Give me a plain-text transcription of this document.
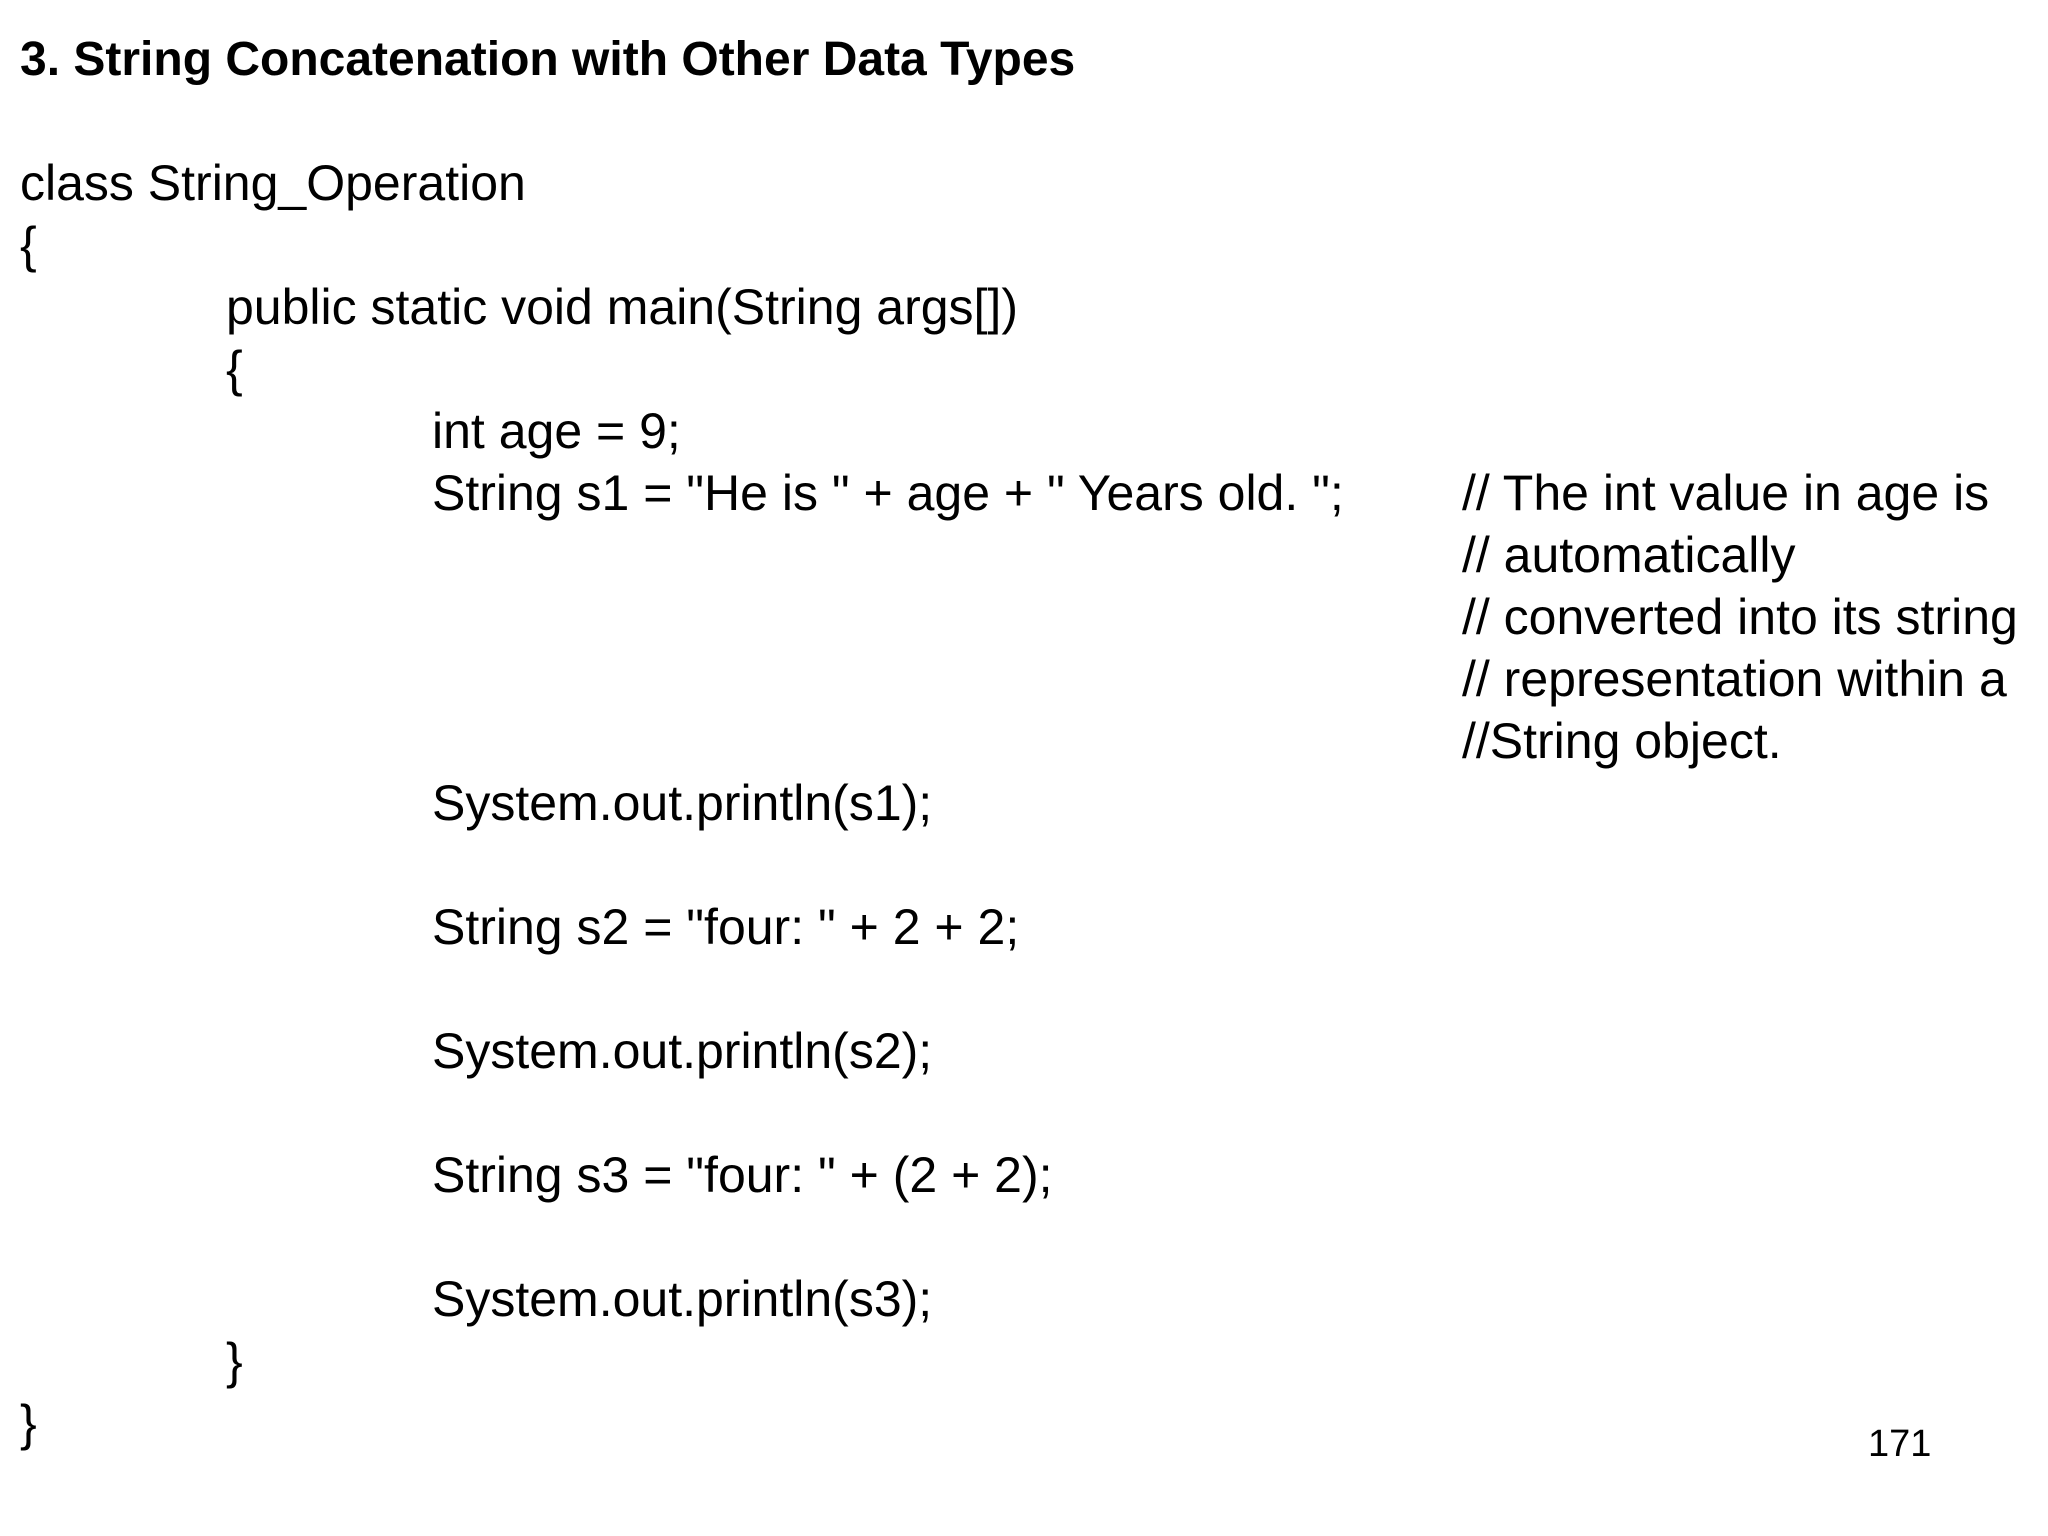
3. String Concatenation with Other Data Types
class String_Operation
{
public static void main(String args[])
{
int age = 9;
String s1 = "He is " + age + " Years old. ";
System.out.println(s1);
String s2 = "four: " + 2 + 2;
System.out.println(s2);
String s3 = "four: " + (2 + 2);
System.out.println(s3);
}
}
// The int value in age is
// automatically
// converted into its string
// representation within a
//String object.
171
